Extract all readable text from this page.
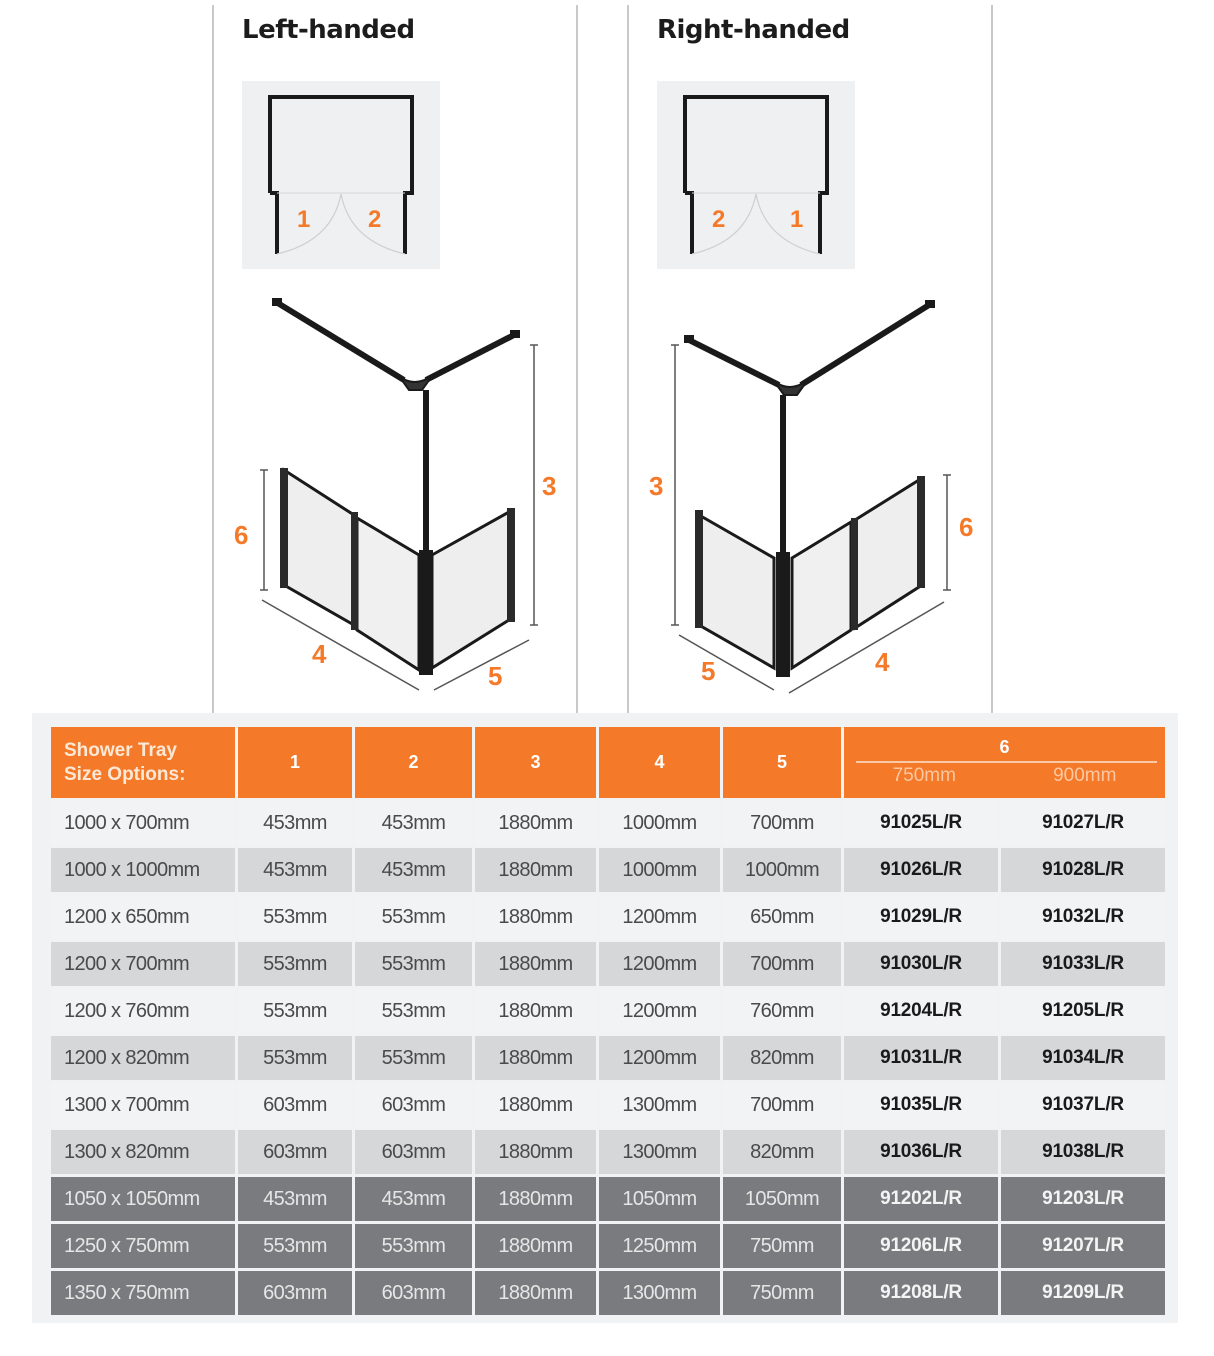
Left-handed
1 2
3
6
4
5
Right-handed
2	1
3
6
5	4
Shower Tray
Size Options:
	1	2	3	4	5	
6
750mm	900mm

1000 x 700mm	453mm	453mm	1880mm	1000mm	700mm	91025L/R	91027L/R
1000 x 1000mm	453mm	453mm	1880mm	1000mm	1000mm	91026L/R	91028L/R
1200 x 650mm	553mm	553mm	1880mm	1200mm	650mm	91029L/R	91032L/R
1200 x 700mm	553mm	553mm	1880mm	1200mm	700mm	91030L/R	91033L/R
1200 x 760mm	553mm	553mm	1880mm	1200mm	760mm	91204L/R	91205L/R
1200 x 820mm	553mm	553mm	1880mm	1200mm	820mm	91031L/R	91034L/R
1300 x 700mm	603mm	603mm	1880mm	1300mm	700mm	91035L/R	91037L/R
1300 x 820mm	603mm	603mm	1880mm	1300mm	820mm	91036L/R	91038L/R
1050 x 1050mm	453mm	453mm	1880mm	1050mm	1050mm	91202L/R	91203L/R
1250 x 750mm	553mm	553mm	1880mm	1250mm	750mm	91206L/R	91207L/R
1350 x 750mm	603mm	603mm	1880mm	1300mm	750mm	91208L/R	91209L/R
